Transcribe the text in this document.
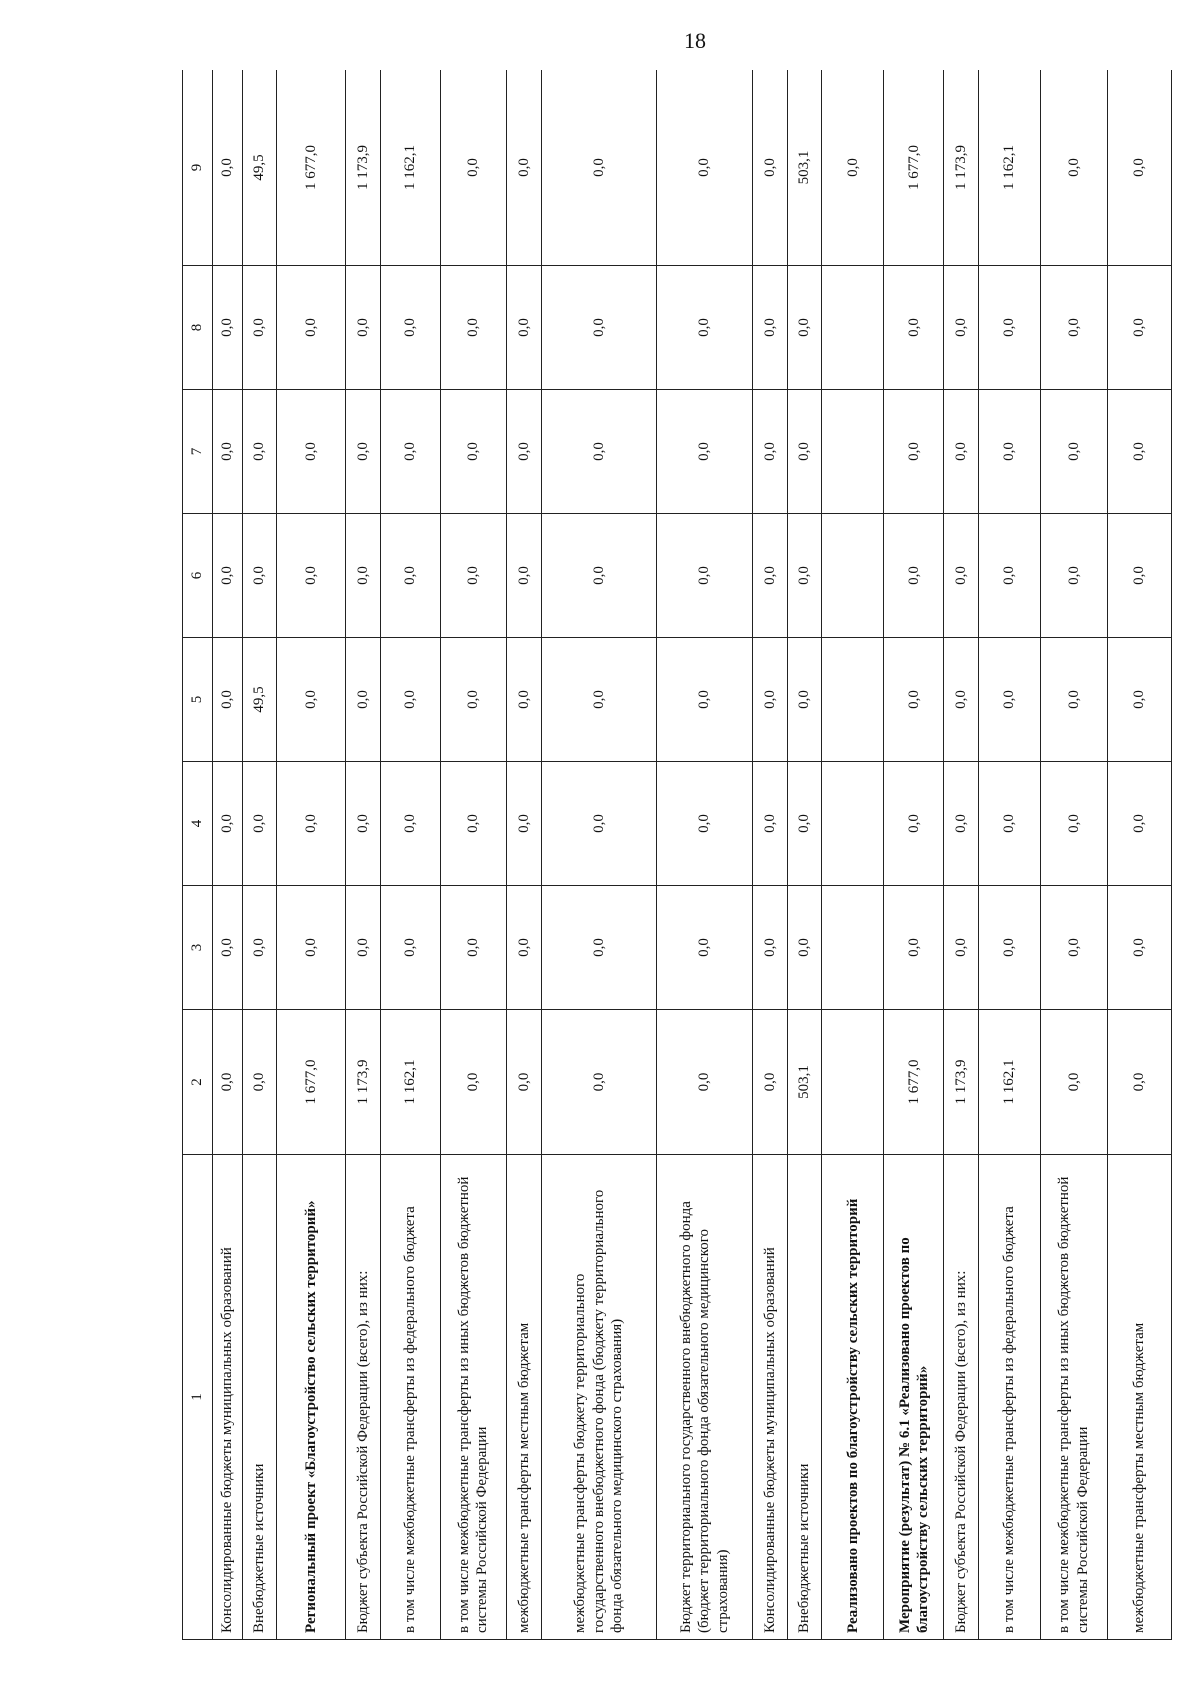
18
1	2	3	4	5	6	7	8	9
Консолидированные бюджеты муниципальных образований	0,0	0,0	0,0	0,0	0,0	0,0	0,0	0,0
Внебюджетные источники	0,0	0,0	0,0	49,5	0,0	0,0	0,0	49,5
Региональный проект «Благоустройство сельских территорий»	1 677,0	0,0	0,0	0,0	0,0	0,0	0,0	1 677,0
Бюджет субъекта Российской Федерации (всего), из них:	1 173,9	0,0	0,0	0,0	0,0	0,0	0,0	1 173,9
в том числе межбюджетные трансферты из федерального бюджета	1 162,1	0,0	0,0	0,0	0,0	0,0	0,0	1 162,1
в том числе межбюджетные трансферты из иных бюджетов бюджетной системы Российской Федерации	0,0	0,0	0,0	0,0	0,0	0,0	0,0	0,0
межбюджетные трансферты местным бюджетам	0,0	0,0	0,0	0,0	0,0	0,0	0,0	0,0
межбюджетные трансферты бюджету территориального государственного внебюджетного фонда (бюджету территориального фонда обязательного медицинского страхования)	0,0	0,0	0,0	0,0	0,0	0,0	0,0	0,0
Бюджет территориального государственного внебюджетного фонда (бюджет территориального фонда обязательного медицинского страхования)	0,0	0,0	0,0	0,0	0,0	0,0	0,0	0,0
Консолидированные бюджеты муниципальных образований	0,0	0,0	0,0	0,0	0,0	0,0	0,0	0,0
Внебюджетные источники	503,1	0,0	0,0	0,0	0,0	0,0	0,0	503,1
Реализовано проектов по благоустройству сельских территорий								0,0
Мероприятие (результат) № 6.1 «Реализовано проектов по благоустройству сельских территорий»	1 677,0	0,0	0,0	0,0	0,0	0,0	0,0	1 677,0
Бюджет субъекта Российской Федерации (всего), из них:	1 173,9	0,0	0,0	0,0	0,0	0,0	0,0	1 173,9
в том числе межбюджетные трансферты из федерального бюджета	1 162,1	0,0	0,0	0,0	0,0	0,0	0,0	1 162,1
в том числе межбюджетные трансферты из иных бюджетов бюджетной системы Российской Федерации	0,0	0,0	0,0	0,0	0,0	0,0	0,0	0,0
межбюджетные трансферты местным бюджетам	0,0	0,0	0,0	0,0	0,0	0,0	0,0	0,0
